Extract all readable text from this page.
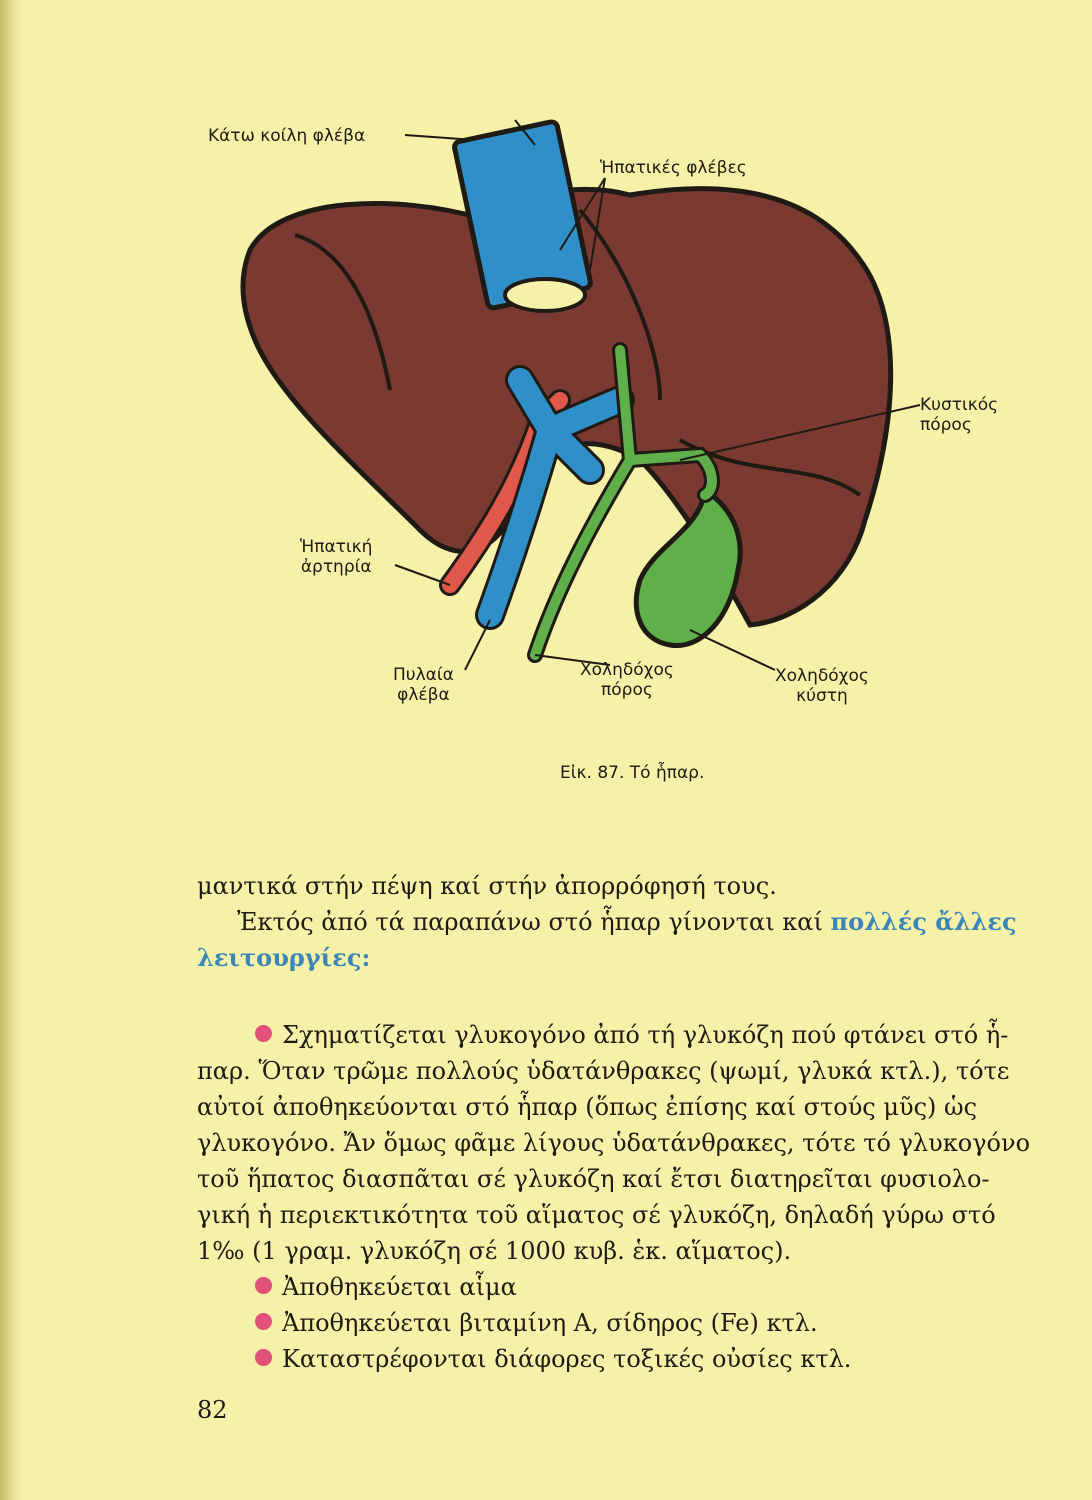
Κάτω κοίλη φλέβα
Ἡπατικές φλέβες
Κυστικός
πόρος
Ἡπατική
ἀρτηρία
Πυλαία
φλέβα
Χοληδόχος
πόρος
Χοληδόχος
κύστη
Εἰκ. 87. Τό ἧπαρ.

μαντικά στήν πέψη καί στήν ἀπορρόφησή τους.

Ἐκτός ἀπό τά παραπάνω στό ἧπαρ γίνονται καί πολλές ἄλλες

λειτουργίες:

Σχηματίζεται γλυκογόνο ἀπό τή γλυκόζη πού φτάνει στό ἧ-

παρ. Ὅταν τρῶμε πολλούς ὑδατάνθρακες (ψωμί, γλυκά κτλ.), τότε

αὐτοί ἀποθηκεύονται στό ἧπαρ (ὅπως ἐπίσης καί στούς μῦς) ὡς

γλυκογόνο. Ἄν ὅμως φᾶμε λίγους ὑδατάνθρακες, τότε τό γλυκογόνο

τοῦ ἥπατος διασπᾶται σέ γλυκόζη καί ἔτσι διατηρεῖται φυσιολο-

γική ἡ περιεκτικότητα τοῦ αἵματος σέ γλυκόζη, δηλαδή γύρω στό

1‰ (1 γραμ. γλυκόζη σέ 1000 κυβ. ἑκ. αἵματος).

Ἀποθηκεύεται αἷμα

Ἀποθηκεύεται βιταμίνη Α, σίδηρος (Fe) κτλ.

Καταστρέφονται διάφορες τοξικές οὐσίες κτλ.

82
